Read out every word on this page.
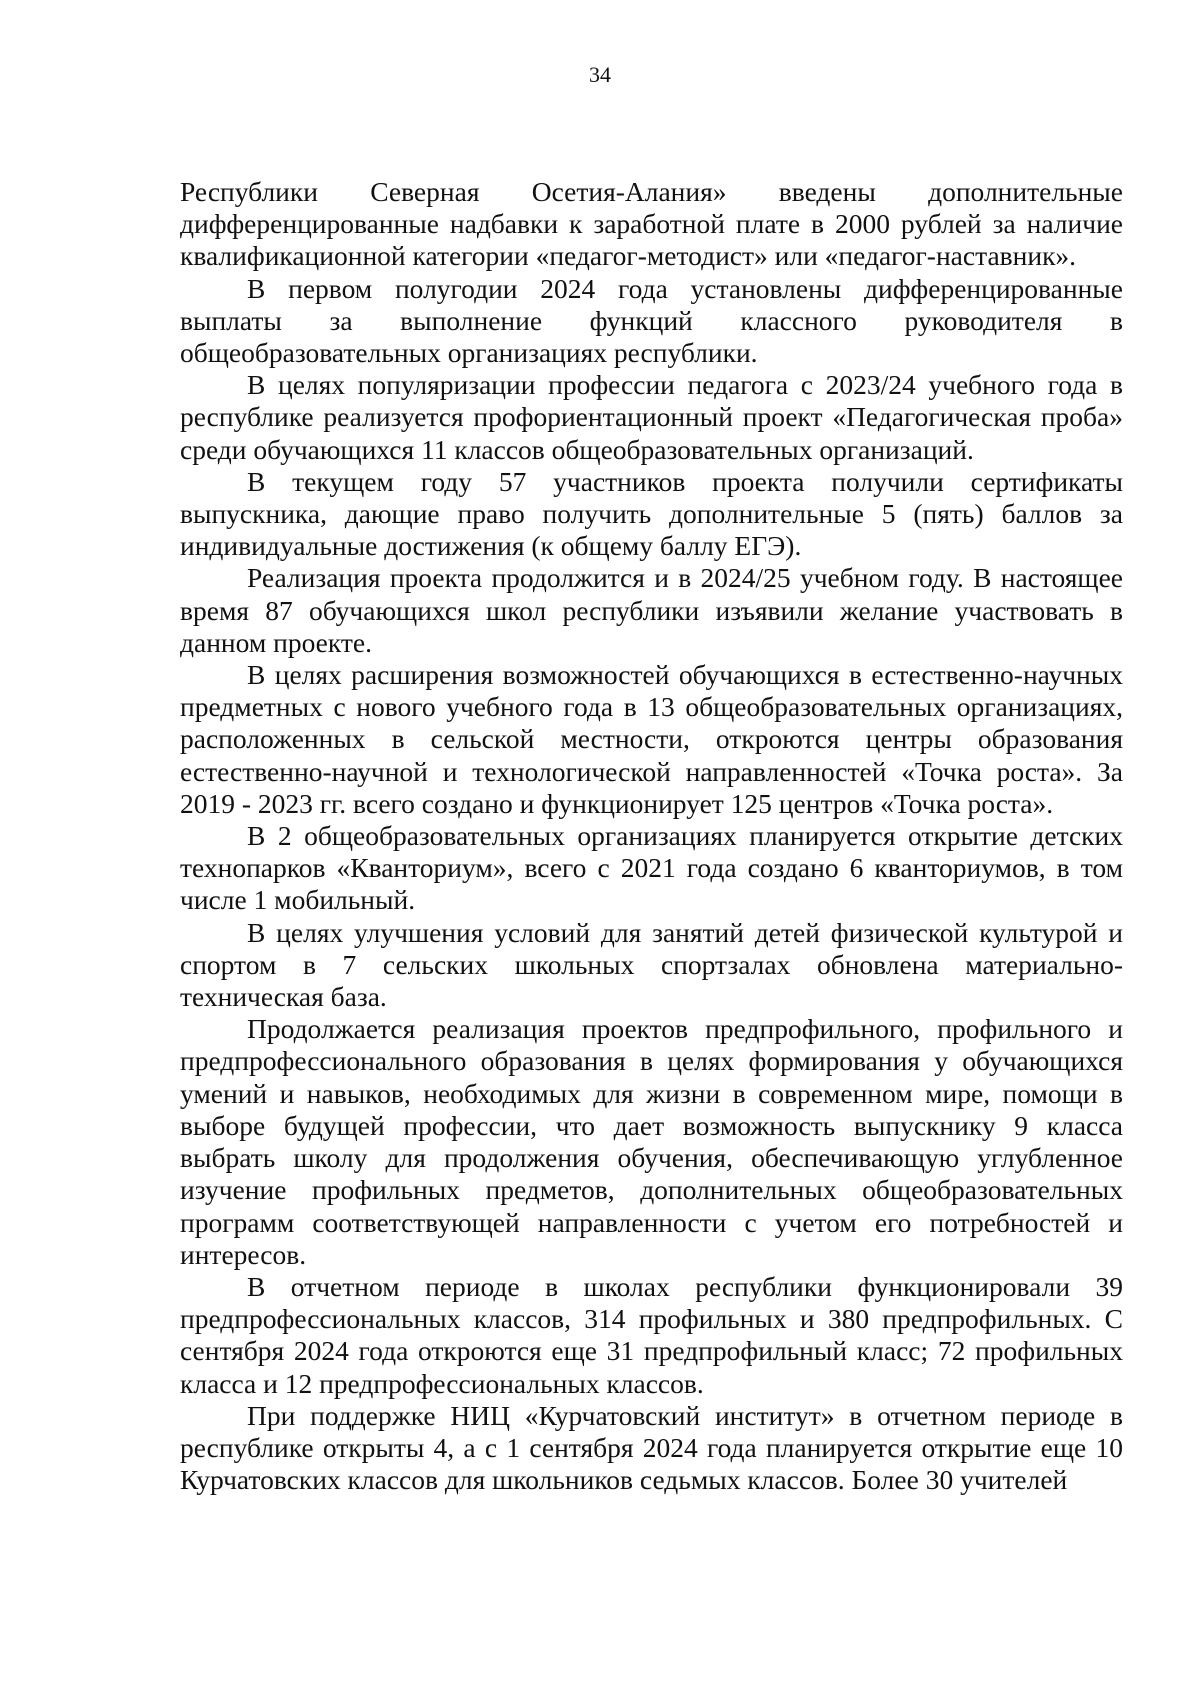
34

Республики Северная Осетия-Алания» введены дополнительные дифференцированные надбавки к заработной плате в 2000 рублей за наличие квалификационной категории «педагог-методист» или «педагог-наставник».

В первом полугодии 2024 года установлены дифференцированные выплаты за выполнение функций классного руководителя в общеобразовательных организациях республики.

В целях популяризации профессии педагога с 2023/24 учебного года в республике реализуется профориентационный проект «Педагогическая проба» среди обучающихся 11 классов общеобразовательных организаций.

В текущем году 57 участников проекта получили сертификаты выпускника, дающие право получить дополнительные 5 (пять) баллов за индивидуальные достижения (к общему баллу ЕГЭ).

Реализация проекта продолжится и в 2024/25 учебном году. В настоящее время 87 обучающихся школ республики изъявили желание участвовать в данном проекте.

В целях расширения возможностей обучающихся в естественно-научных предметных с нового учебного года в 13 общеобразовательных организациях, расположенных в сельской местности, откроются центры образования естественно-научной и технологической направленностей «Точка роста». За 2019 - 2023 гг. всего создано и функционирует 125 центров «Точка роста».

В 2 общеобразовательных организациях планируется открытие детских технопарков «Кванториум», всего с 2021 года создано 6 кванториумов, в том числе 1 мобильный.

В целях улучшения условий для занятий детей физической культурой и спортом в 7 сельских школьных спортзалах обновлена материально-техническая база.

Продолжается реализация проектов предпрофильного, профильного и предпрофессионального образования в целях формирования у обучающихся умений и навыков, необходимых для жизни в современном мире, помощи в выборе будущей профессии, что дает возможность выпускнику 9 класса выбрать школу для продолжения обучения, обеспечивающую углубленное изучение профильных предметов, дополнительных общеобразовательных программ соответствующей направленности с учетом его потребностей и интересов.

В отчетном периоде в школах республики функционировали 39 предпрофессиональных классов, 314 профильных и 380 предпрофильных. С сентября 2024 года откроются еще 31 предпрофильный класс; 72 профильных класса и 12 предпрофессиональных классов.

При поддержке НИЦ «Курчатовский институт» в отчетном периоде в республике открыты 4, а с 1 сентября 2024 года планируется открытие еще 10 Курчатовских классов для школьников седьмых классов. Более 30 учителей
